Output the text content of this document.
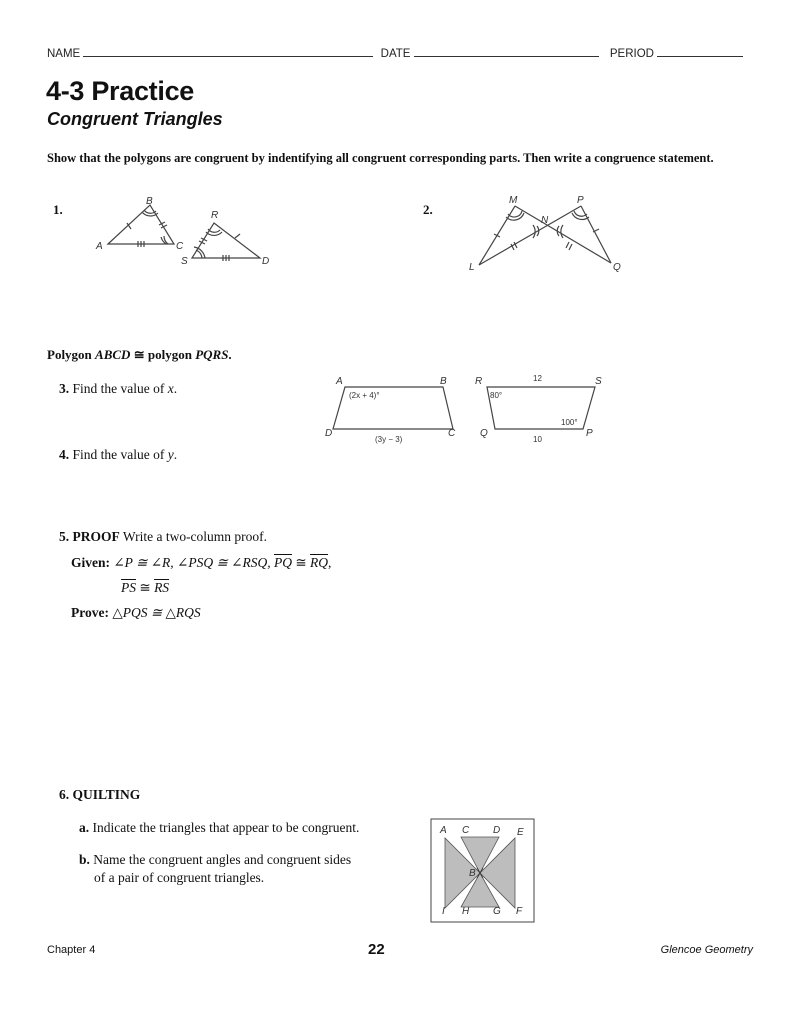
NAME	DATE	PERIOD
4-3 Practice
Congruent Triangles
Show that the polygons are congruent by indentifying all congruent corresponding parts. Then write a congruence statement.
1.
B
A	C
R
S	D
2.
M
N
P
L	Q
Polygon ABCD ≅ polygon PQRS.
3. Find the value of x.
4. Find the value of y.
A	B
C
D
(2x + 4)°
(3y − 3)
R	S
P
Q
12
80°
100°
10
5. PROOF Write a two-column proof.
Given: ∠P ≅ ∠R, ∠PSQ ≅ ∠RSQ, $\overline{PQ}$ ≅ $\overline{RQ}$,
$\overline{PS}$ ≅ $\overline{RS}$
Prove: △PQS ≅ △RQS
6. QUILTING
a. Indicate the triangles that appear to be congruent.
b. Name the congruent angles and congruent sides
of a pair of congruent triangles.
A C D E
B
I H G F
Chapter 4	22	Glencoe Geometry
